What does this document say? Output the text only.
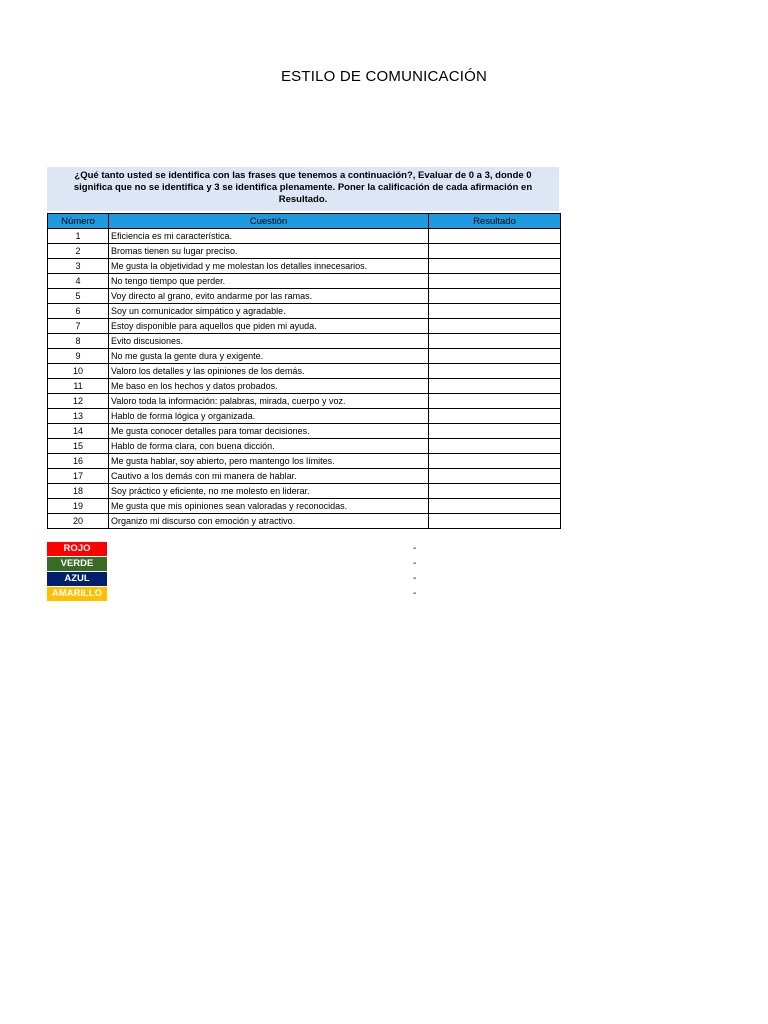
ESTILO DE COMUNICACIÓN
¿Qué tanto usted se identifica con las frases que tenemos a continuación?, Evaluar de 0 a 3, donde 0 significa que no se identifica y 3 se identifica plenamente. Poner la calificación de cada afirmación en Resultado.
Número	Cuestión	Resultado
1	Eficiencia es mi característica.	
2	Bromas tienen su lugar preciso.	
3	Me gusta la objetividad y me molestan los detalles innecesarios.	
4	No tengo tiempo que perder.	
5	Voy directo al grano, evito andarme por las ramas.	
6	Soy un comunicador simpático y agradable.	
7	Estoy disponible para aquellos que piden mi ayuda.	
8	Evito discusiones.	
9	No me gusta la gente dura y exigente.	
10	Valoro los detalles y las opiniones de los demás.	
11	Me baso en los hechos y datos probados.	
12	Valoro toda la información: palabras, mirada, cuerpo y voz.	
13	Hablo de forma lógica y organizada.	
14	Me gusta conocer detalles para tomar decisiones.	
15	Hablo de forma clara, con buena dicción.	
16	Me gusta hablar, soy abierto, pero mantengo los límites.	
17	Cautivo a los demás con mi manera de hablar.	
18	Soy práctico y eficiente, no me molesto en liderar.	
19	Me gusta que mis opiniones sean valoradas y reconocidas.	
20	Organizo mi discurso con emoción y atractivo.	
ROJO	-
VERDE	-
AZUL	-
AMARILLO	-
